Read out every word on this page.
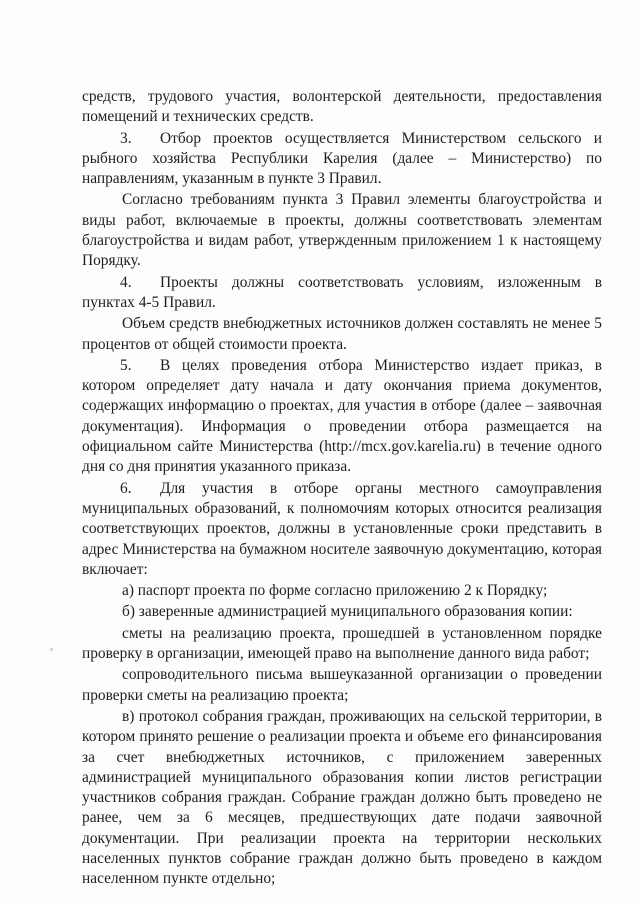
средств, трудового участия, волонтерской деятельности, предоставления помещений и технических средств.

3. Отбор проектов осуществляется Министерством сельского и рыбного хозяйства Республики Карелия (далее – Министерство) по направлениям, указанным в пункте 3 Правил.

Согласно требованиям пункта 3 Правил элементы благоустройства и виды работ, включаемые в проекты, должны соответствовать элементам благоустройства и видам работ, утвержденным приложением 1 к настоящему Порядку.

4. Проекты должны соответствовать условиям, изложенным в пунктах 4-5 Правил.

Объем средств внебюджетных источников должен составлять не менее 5 процентов от общей стоимости проекта.

5. В целях проведения отбора Министерство издает приказ, в котором определяет дату начала и дату окончания приема документов, содержащих информацию о проектах, для участия в отборе (далее – заявочная документация). Информация о проведении отбора размещается на официальном сайте Министерства (http://mcx.gov.karelia.ru) в течение одного дня со дня принятия указанного приказа.

6. Для участия в отборе органы местного самоуправления муниципальных образований, к полномочиям которых относится реализация соответствующих проектов, должны в установленные сроки представить в адрес Министерства на бумажном носителе заявочную документацию, которая включает:

а) паспорт проекта по форме согласно приложению 2 к Порядку;

б) заверенные администрацией муниципального образования копии:

сметы на реализацию проекта, прошедшей в установленном порядке проверку в организации, имеющей право на выполнение данного вида работ;

сопроводительного письма вышеуказанной организации о проведении проверки сметы на реализацию проекта;

в) протокол собрания граждан, проживающих на сельской территории, в котором принято решение о реализации проекта и объеме его финансирования за счет внебюджетных источников, с приложением заверенных администрацией муниципального образования копии листов регистрации участников собрания граждан. Собрание граждан должно быть проведено не ранее, чем за 6 месяцев, предшествующих дате подачи заявочной документации. При реализации проекта на территории нескольких населенных пунктов собрание граждан должно быть проведено в каждом населенном пункте отдельно;
